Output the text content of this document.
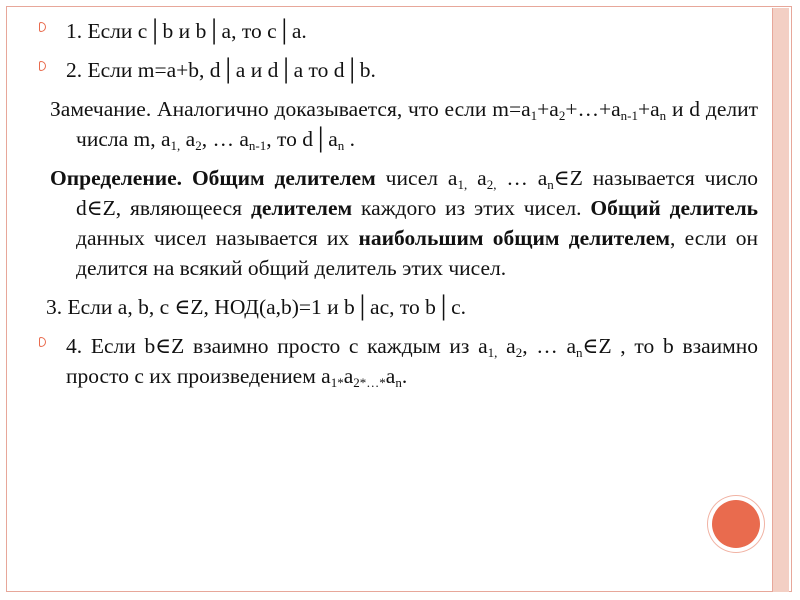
1. Если c│b и b│a, то c│a.
2. Если m=a+b, d│a и d│a то d│b.
Замечание. Аналогично доказывается, что если $m=a_1+a_2+\dots+a_{n-1}+a_n$ и d делит числа m, $a_{1,}$ $a_2$, … $a_{n-1}$, то $d│a_n$ .
Определение. Общим делителем чисел $a_{1,}$ $a_{2,}$ … $a_n\in Z$ называется число d∈Z, являющееся делителем каждого из этих чисел. Общий делитель данных чисел называется их наибольшим общим делителем, если он делится на всякий общий делитель этих чисел.
3. Если a, b, c ∈Z, НОД(a,b)=1 и b│ac, то b│c.
4. Если b∈Z взаимно просто с каждым из $a_{1,}$ $a_2$, … $a_n\in Z$ , то b взаимно просто с их произведением $a_{1*}a_{2*\dots*}a_n$.
